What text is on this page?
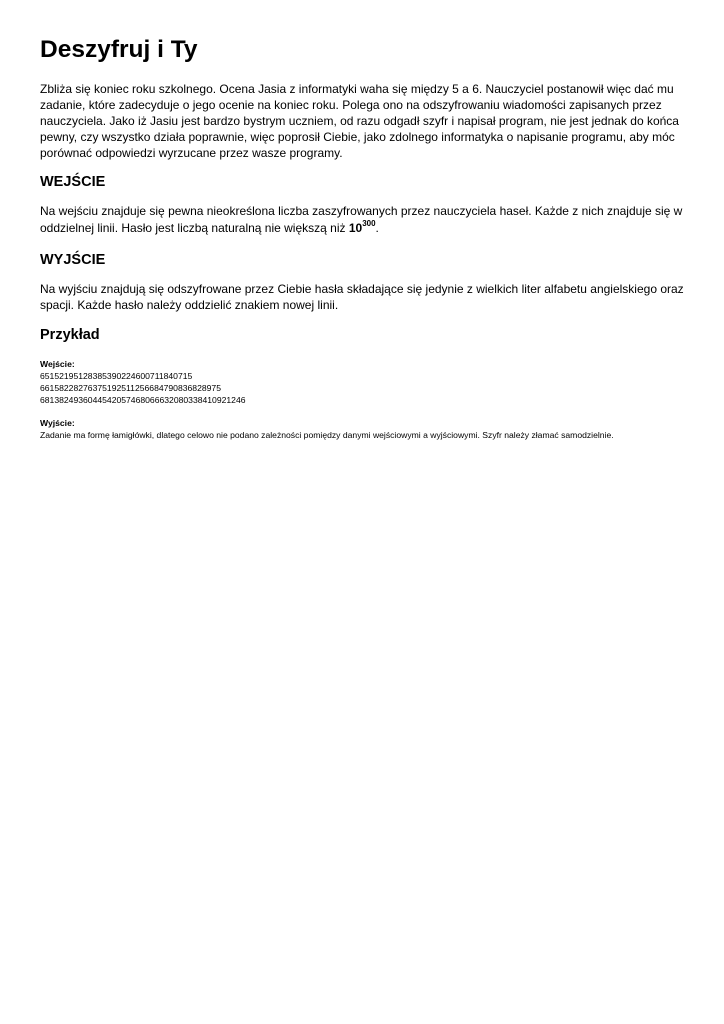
Deszyfruj i Ty

Zbliża się koniec roku szkolnego. Ocena Jasia z informatyki waha się między 5 a 6. Nauczyciel postanowił więc dać mu zadanie, które zadecyduje o jego ocenie na koniec roku. Polega ono na odszyfrowaniu wiadomości zapisanych przez nauczyciela. Jako iż Jasiu jest bardzo bystrym uczniem, od razu odgadł szyfr i napisał program, nie jest jednak do końca pewny, czy wszystko działa poprawnie, więc poprosił Ciebie, jako zdolnego informatyka o napisanie programu, aby móc porównać odpowiedzi wyrzucane przez wasze programy.

WEJŚCIE

Na wejściu znajduje się pewna nieokreślona liczba zaszyfrowanych przez nauczyciela haseł. Każde z nich znajduje się w oddzielnej linii. Hasło jest liczbą naturalną nie większą niż $10^{300}$.

WYJŚCIE

Na wyjściu znajdują się odszyfrowane przez Ciebie hasła składające się jedynie z wielkich liter alfabetu angielskiego oraz spacji. Każde hasło należy oddzielić znakiem nowej linii.

Przykład
Wejście:
65152195128385390224600711840715
66158228276375192511256684790836828975
68138249360445420574680666320803384109212​46
Wyjście:
Zadanie ma formę łamigłówki, dlatego celowo nie podano zależności pomiędzy danymi wejściowymi a wyjściowymi. Szyfr należy złamać samodzielnie.
